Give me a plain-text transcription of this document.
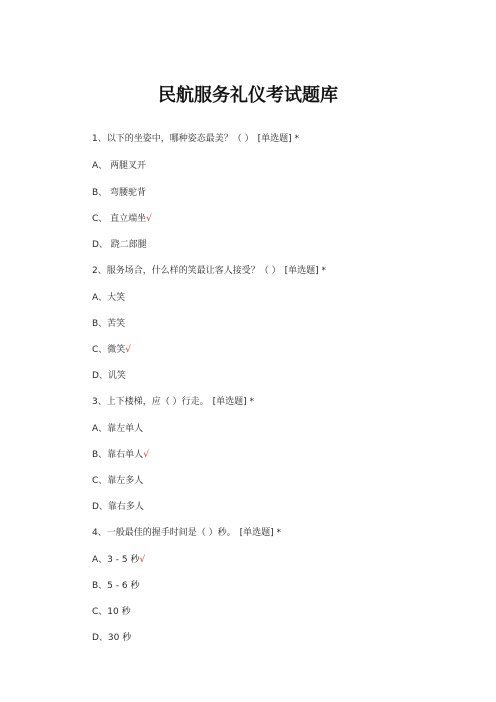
民航服务礼仪考试题库
1、以下的坐姿中，哪种姿态最美？（ ） [单选题] *
A、 两腿叉开
B、 弯腰驼背
C、 直立端坐√
D、 跷二郎腿
2、服务场合，什么样的笑最让客人接受？（ ） [单选题] *
A、大笑
B、苦笑
C、微笑√
D、讥笑
3、上下楼梯，应（ ）行走。 [单选题] *
A、靠左单人
B、靠右单人√
C、靠左多人
D、靠右多人
4、一般最佳的握手时间是（ ）秒。 [单选题] *
A、3 - 5 秒√
B、5 - 6 秒
C、10 秒
D、30 秒
